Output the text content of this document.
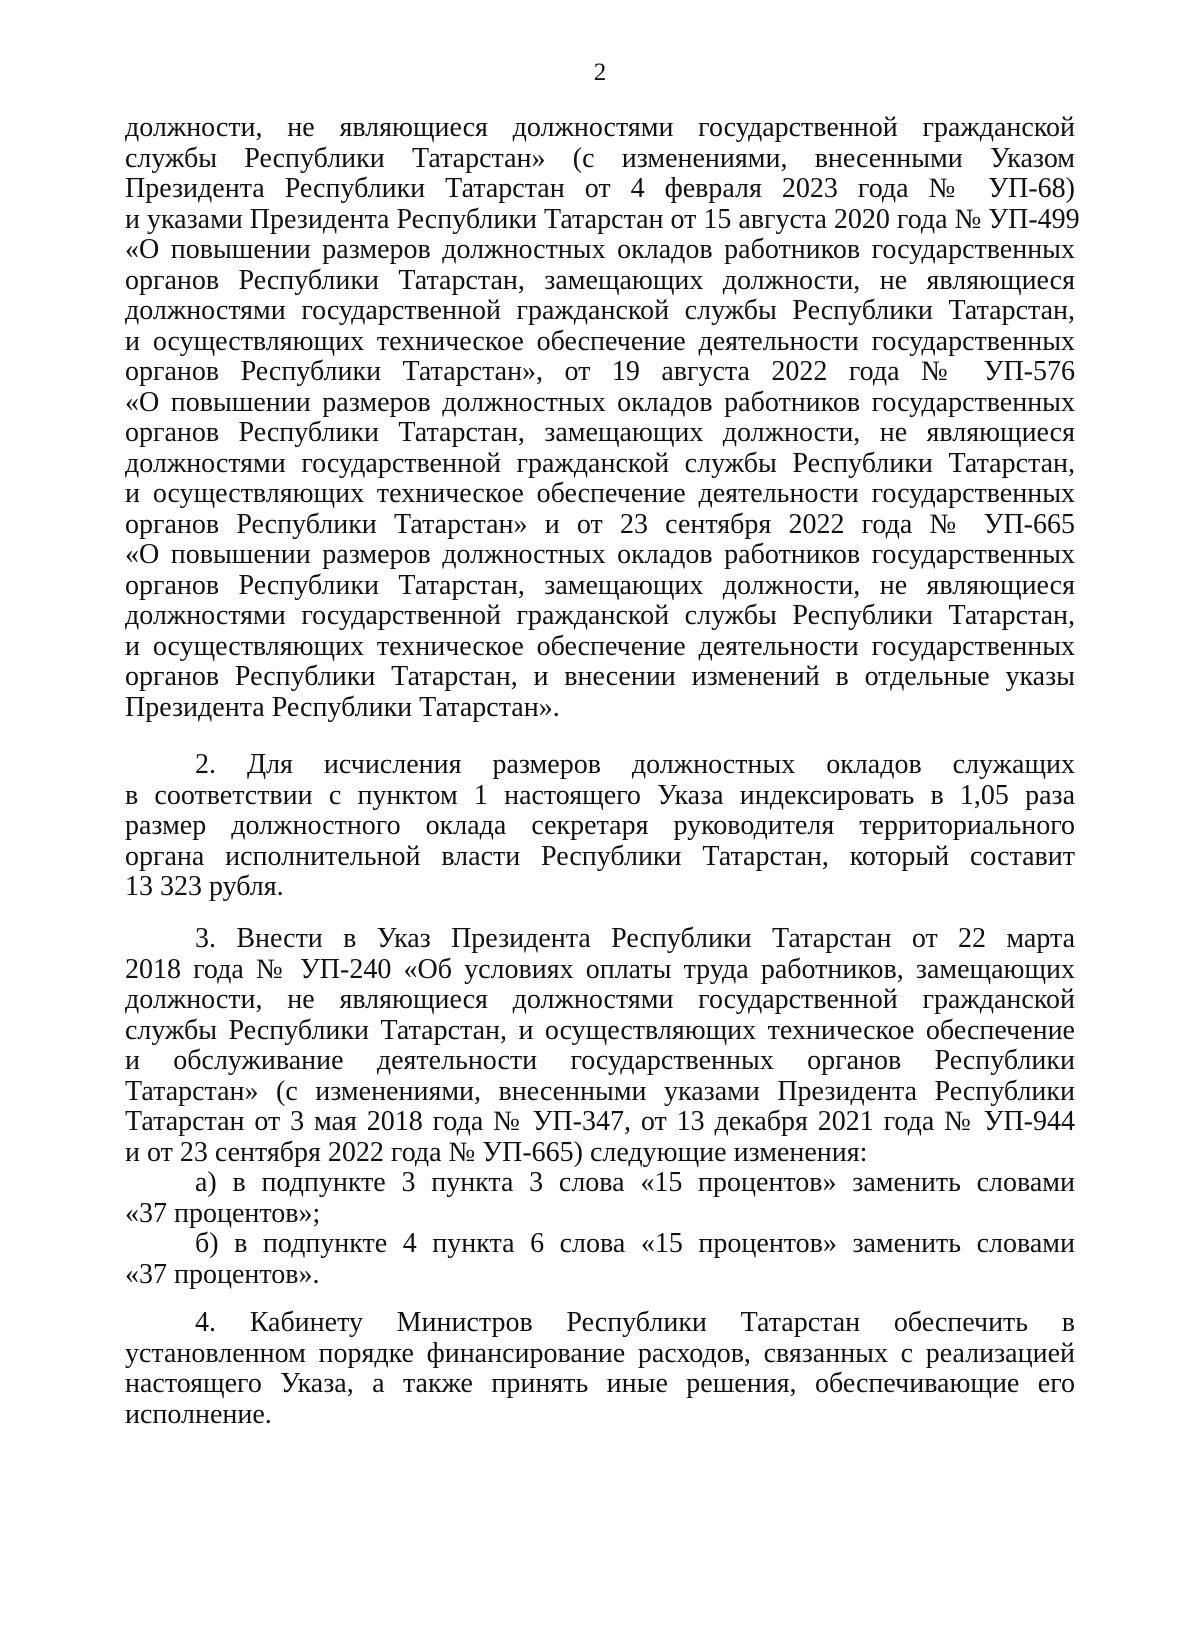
2
должности, не являющиеся должностями государственной гражданской
службы Республики Татарстан» (с изменениями, внесенными Указом
Президента Республики Татарстан от 4 февраля 2023 года № УП-68)
и указами Президента Республики Татарстан от 15 августа 2020 года № УП-499
«О повышении размеров должностных окладов работников государственных
органов Республики Татарстан, замещающих должности, не являющиеся
должностями государственной гражданской службы Республики Татарстан,
и осуществляющих техническое обеспечение деятельности государственных
органов Республики Татарстан», от 19 августа 2022 года № УП-576
«О повышении размеров должностных окладов работников государственных
органов Республики Татарстан, замещающих должности, не являющиеся
должностями государственной гражданской службы Республики Татарстан,
и осуществляющих техническое обеспечение деятельности государственных
органов Республики Татарстан» и от 23 сентября 2022 года № УП-665
«О повышении размеров должностных окладов работников государственных
органов Республики Татарстан, замещающих должности, не являющиеся
должностями государственной гражданской службы Республики Татарстан,
и осуществляющих техническое обеспечение деятельности государственных
органов Республики Татарстан, и внесении изменений в отдельные указы
Президента Республики Татарстан».
2. Для исчисления размеров должностных окладов служащих
в соответствии с пунктом 1 настоящего Указа индексировать в 1,05 раза
размер должностного оклада секретаря руководителя территориального
органа исполнительной власти Республики Татарстан, который составит
13 323 рубля.
3. Внести в Указ Президента Республики Татарстан от 22 марта
2018 года № УП-240 «Об условиях оплаты труда работников, замещающих
должности, не являющиеся должностями государственной гражданской
службы Республики Татарстан, и осуществляющих техническое обеспечение
и обслуживание деятельности государственных органов Республики
Татарстан» (с изменениями, внесенными указами Президента Республики
Татарстан от 3 мая 2018 года № УП-347, от 13 декабря 2021 года № УП-944
и от 23 сентября 2022 года № УП-665) следующие изменения:
а) в подпункте 3 пункта 3 слова «15 процентов» заменить словами
«37 процентов»;
б) в подпункте 4 пункта 6 слова «15 процентов» заменить словами
«37 процентов».
4. Кабинету Министров Республики Татарстан обеспечить в
установленном порядке финансирование расходов, связанных с реализацией
настоящего Указа, а также принять иные решения, обеспечивающие его
исполнение.
